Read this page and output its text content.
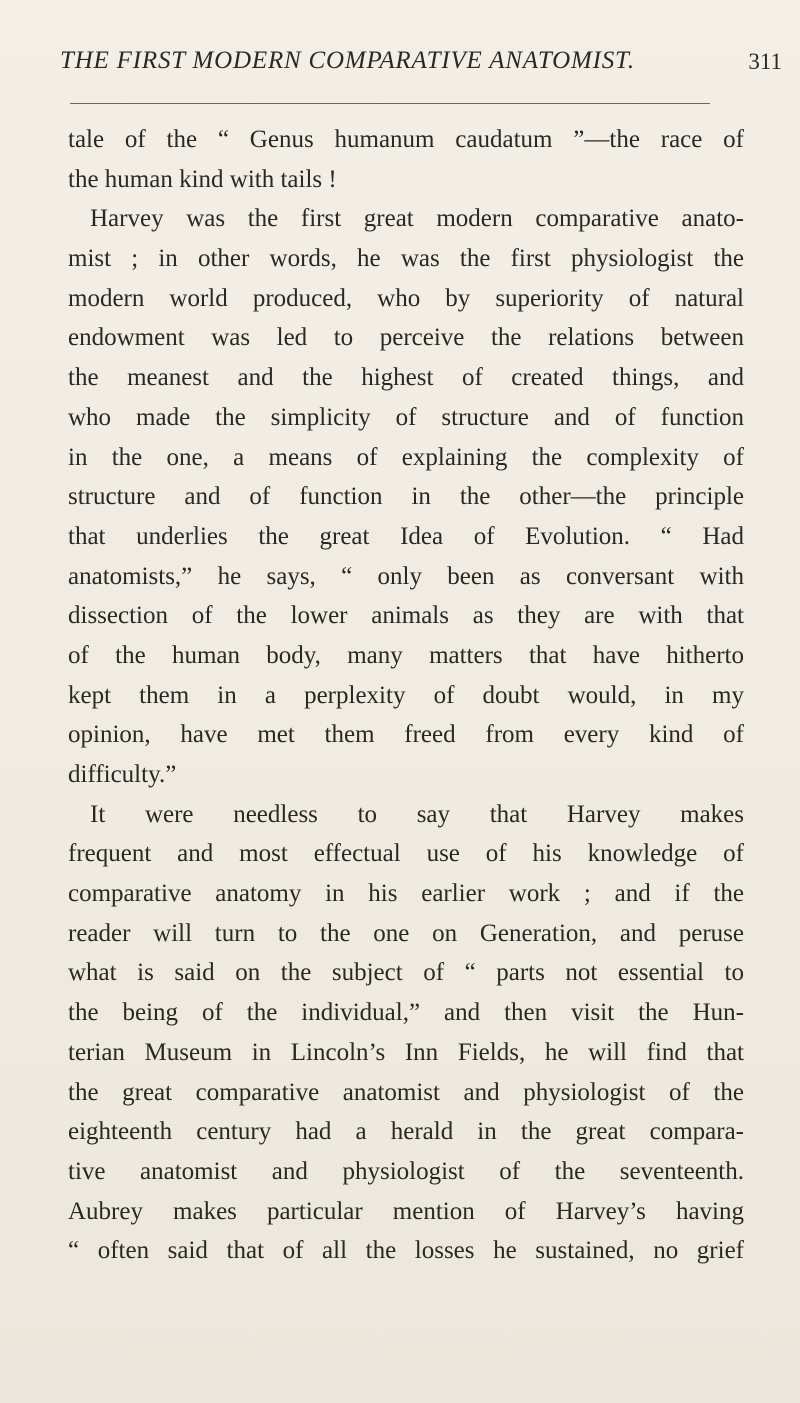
THE FIRST MODERN COMPARATIVE ANATOMIST.	311
tale of the “ Genus humanum caudatum ”—the race of
the human kind with tails !
Harvey was the first great modern comparative anato-
mist ; in other words, he was the first physiologist the
modern world produced, who by superiority of natural
endowment was led to perceive the relations between
the meanest and the highest of created things, and
who made the simplicity of structure and of function
in the one, a means of explaining the complexity of
structure and of function in the other—the principle
that underlies the great Idea of Evolution. “ Had
anatomists,” he says, “ only been as conversant with
dissection of the lower animals as they are with that
of the human body, many matters that have hitherto
kept them in a perplexity of doubt would, in my
opinion, have met them freed from every kind of
difficulty.”
It were needless to say that Harvey makes
frequent and most effectual use of his knowledge of
comparative anatomy in his earlier work ; and if the
reader will turn to the one on Generation, and peruse
what is said on the subject of “ parts not essential to
the being of the individual,” and then visit the Hun-
terian Museum in Lincoln’s Inn Fields, he will find that
the great comparative anatomist and physiologist of the
eighteenth century had a herald in the great compara-
tive anatomist and physiologist of the seventeenth.
Aubrey makes particular mention of Harvey’s having
“ often said that of all the losses he sustained, no grief
